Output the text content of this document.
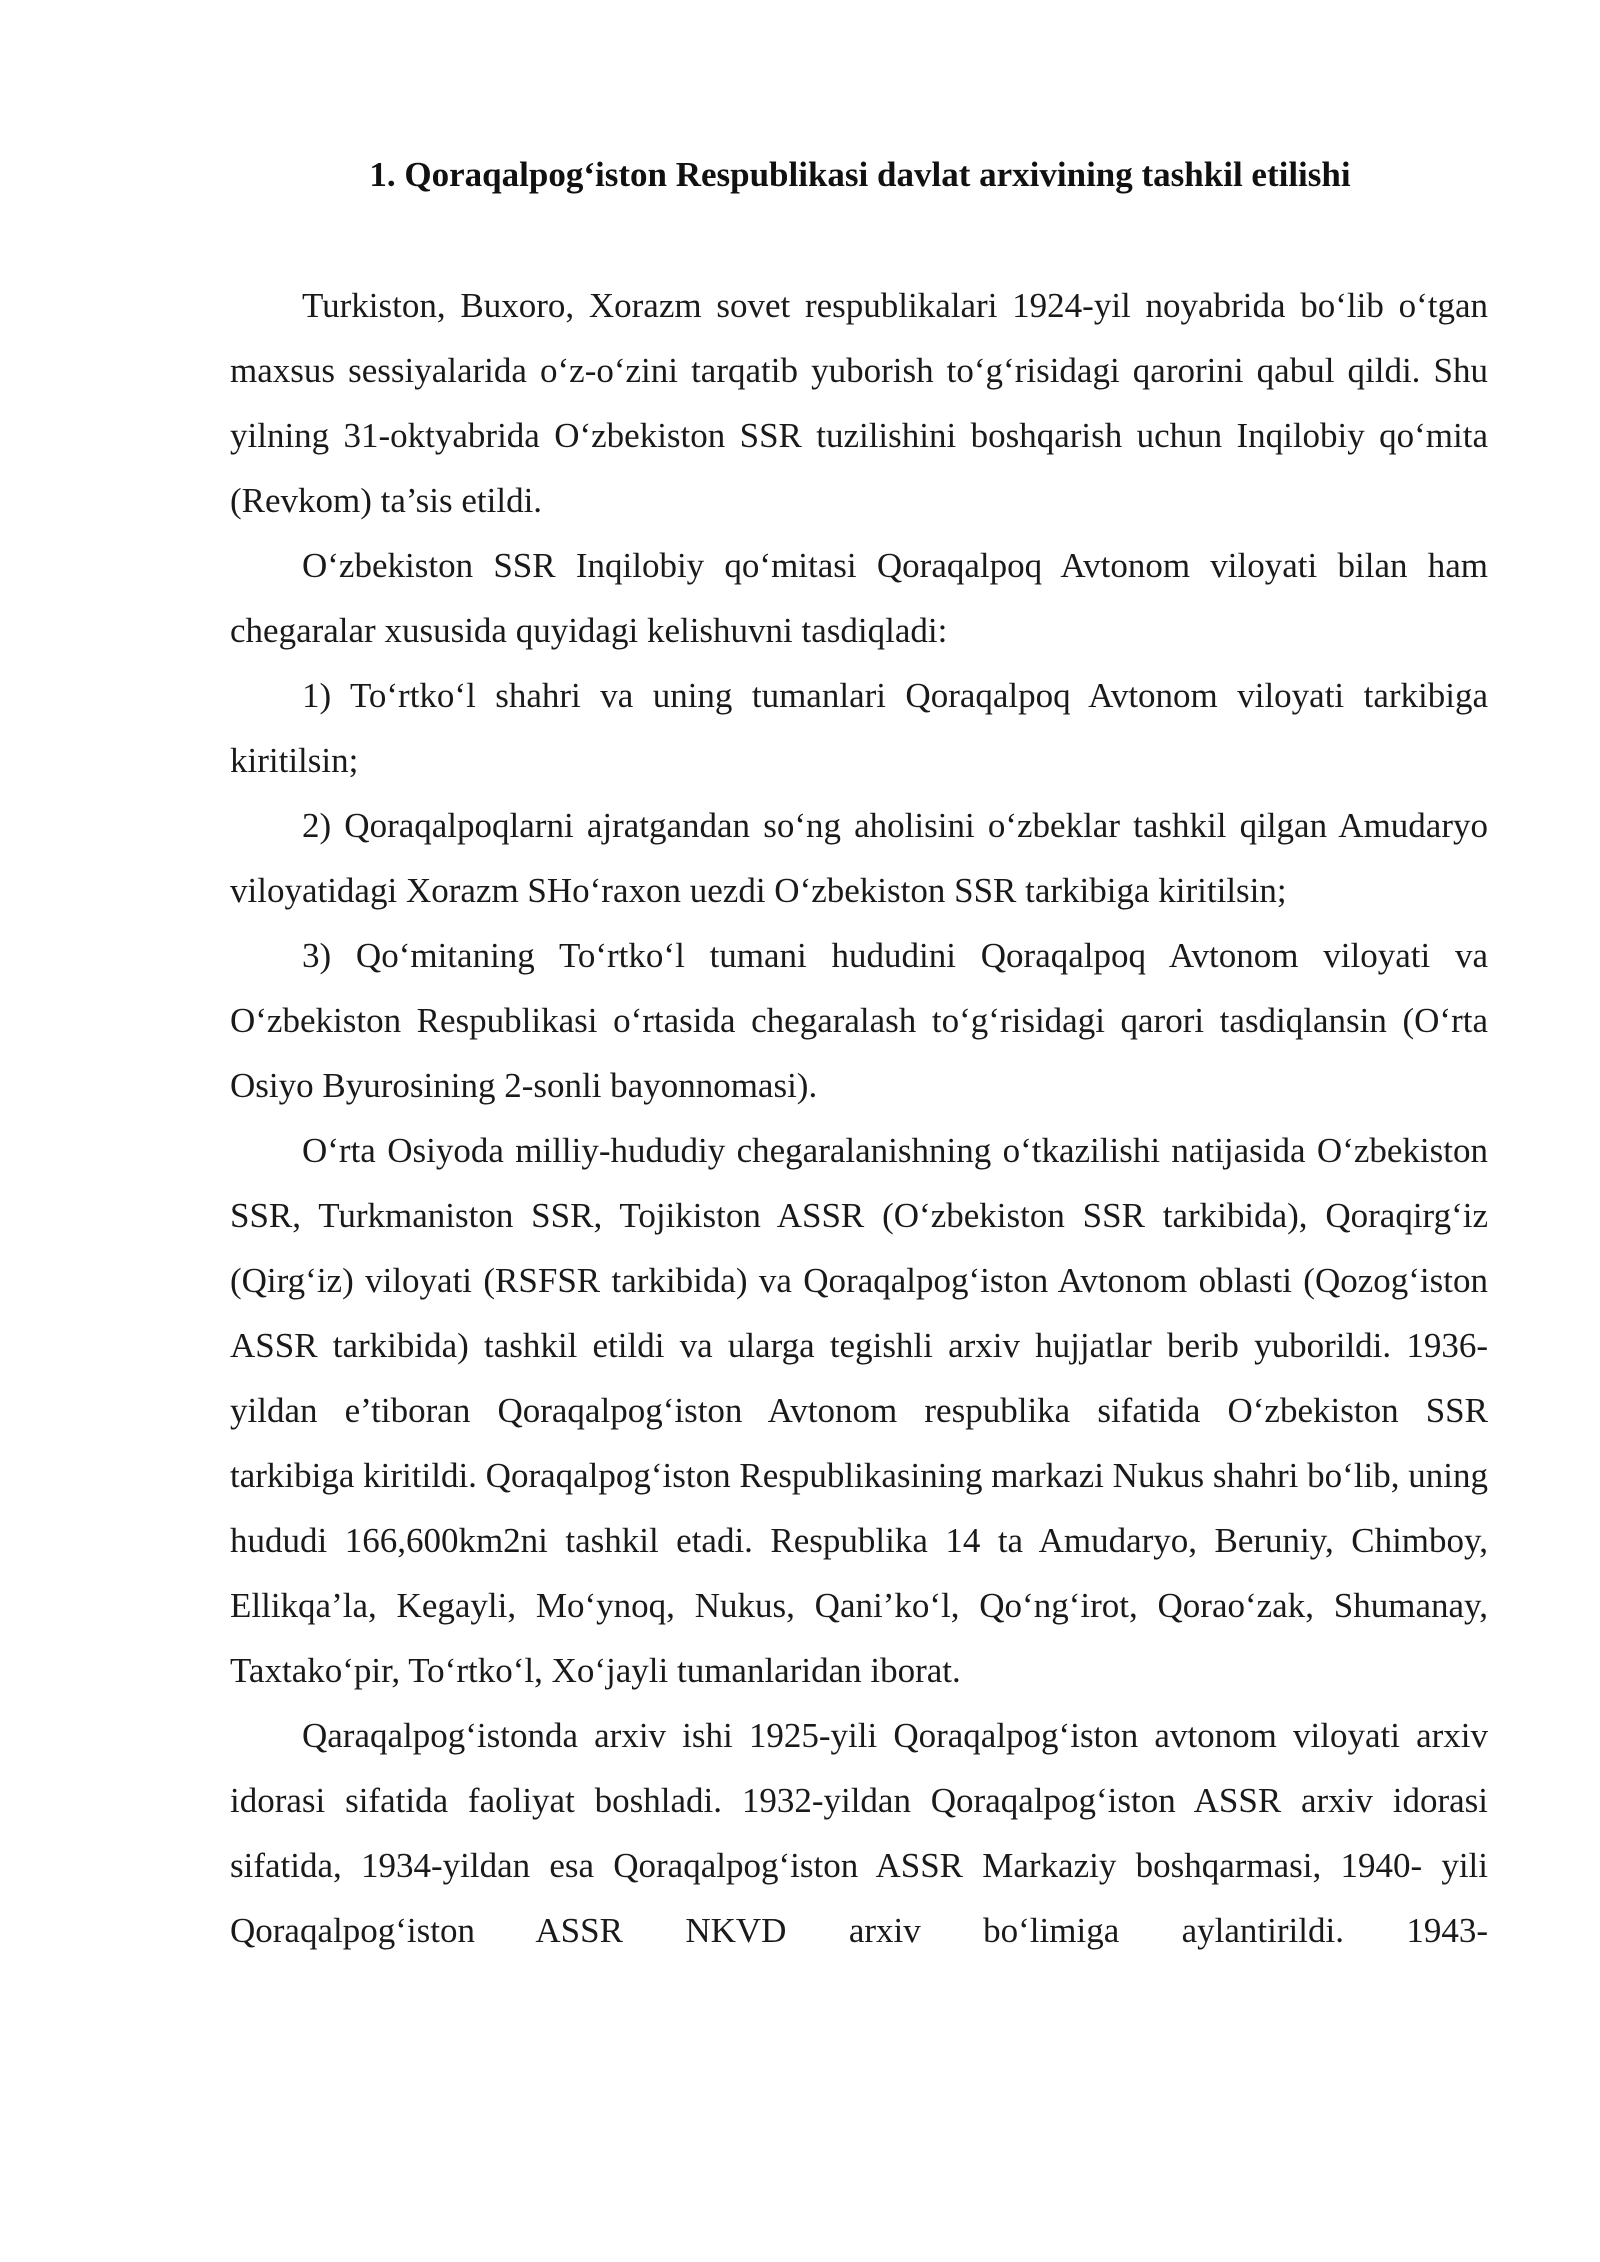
1. Qoraqalpog‘iston Respublikasi davlat arxivining tashkil etilishi

Turkiston, Buxoro, Xorazm sovet respublikalari 1924-yil noyabrida bo‘lib o‘tgan maxsus sessiyalarida o‘z-o‘zini tarqatib yuborish to‘g‘risidagi qarorini qabul qildi. Shu yilning 31-oktyabrida O‘zbekiston SSR tuzilishini boshqarish uchun Inqilobiy qo‘mita (Revkom) ta’sis etildi.

O‘zbekiston SSR Inqilobiy qo‘mitasi Qoraqalpoq Avtonom viloyati bilan ham chegaralar xususida quyidagi kelishuvni tasdiqladi:

1) To‘rtko‘l shahri va uning tumanlari Qoraqalpoq Avtonom viloyati tarkibiga kiritilsin;

2) Qoraqalpoqlarni ajratgandan so‘ng aholisini o‘zbeklar tashkil qilgan Amudaryo viloyatidagi Xorazm SHo‘raxon uezdi O‘zbekiston SSR tarkibiga kiritilsin;

3) Qo‘mitaning To‘rtko‘l tumani hududini Qoraqalpoq Avtonom viloyati va O‘zbekiston Respublikasi o‘rtasida chegaralash to‘g‘risidagi qarori tasdiqlansin (O‘rta Osiyo Byurosining 2-sonli bayonnomasi).

O‘rta Osiyoda milliy-hududiy chegaralanishning o‘tkazilishi natijasida O‘zbekiston SSR, Turkmaniston SSR, Tojikiston ASSR (O‘zbekiston SSR tarkibida), Qoraqirg‘iz (Qirg‘iz) viloyati (RSFSR tarkibida) va Qoraqalpog‘iston Avtonom oblasti (Qozog‘iston ASSR tarkibida) tashkil etildi va ularga tegishli arxiv hujjatlar berib yuborildi. 1936-yildan e’tiboran Qoraqalpog‘iston Avtonom respublika sifatida O‘zbekiston SSR tarkibiga kiritildi. Qoraqalpog‘iston Respublikasining markazi Nukus shahri bo‘lib, uning hududi 166,600km2ni tashkil etadi. Respublika 14 ta Amudaryo, Beruniy, Chimboy, Ellikqa’la, Kegayli, Mo‘ynoq, Nukus, Qani’ko‘l, Qo‘ng‘irot, Qorao‘zak, Shumanay, Taxtako‘pir, To‘rtko‘l, Xo‘jayli tumanlaridan iborat.

Qaraqalpog‘istonda arxiv ishi 1925-yili Qoraqalpog‘iston avtonom viloyati arxiv idorasi sifatida faoliyat boshladi. 1932-yildan Qoraqalpog‘iston ASSR arxiv idorasi sifatida, 1934-yildan esa Qoraqalpog‘iston ASSR Markaziy boshqarmasi, 1940- yili Qoraqalpog‘iston ASSR NKVD arxiv bo‘limiga aylantirildi. 1943-
